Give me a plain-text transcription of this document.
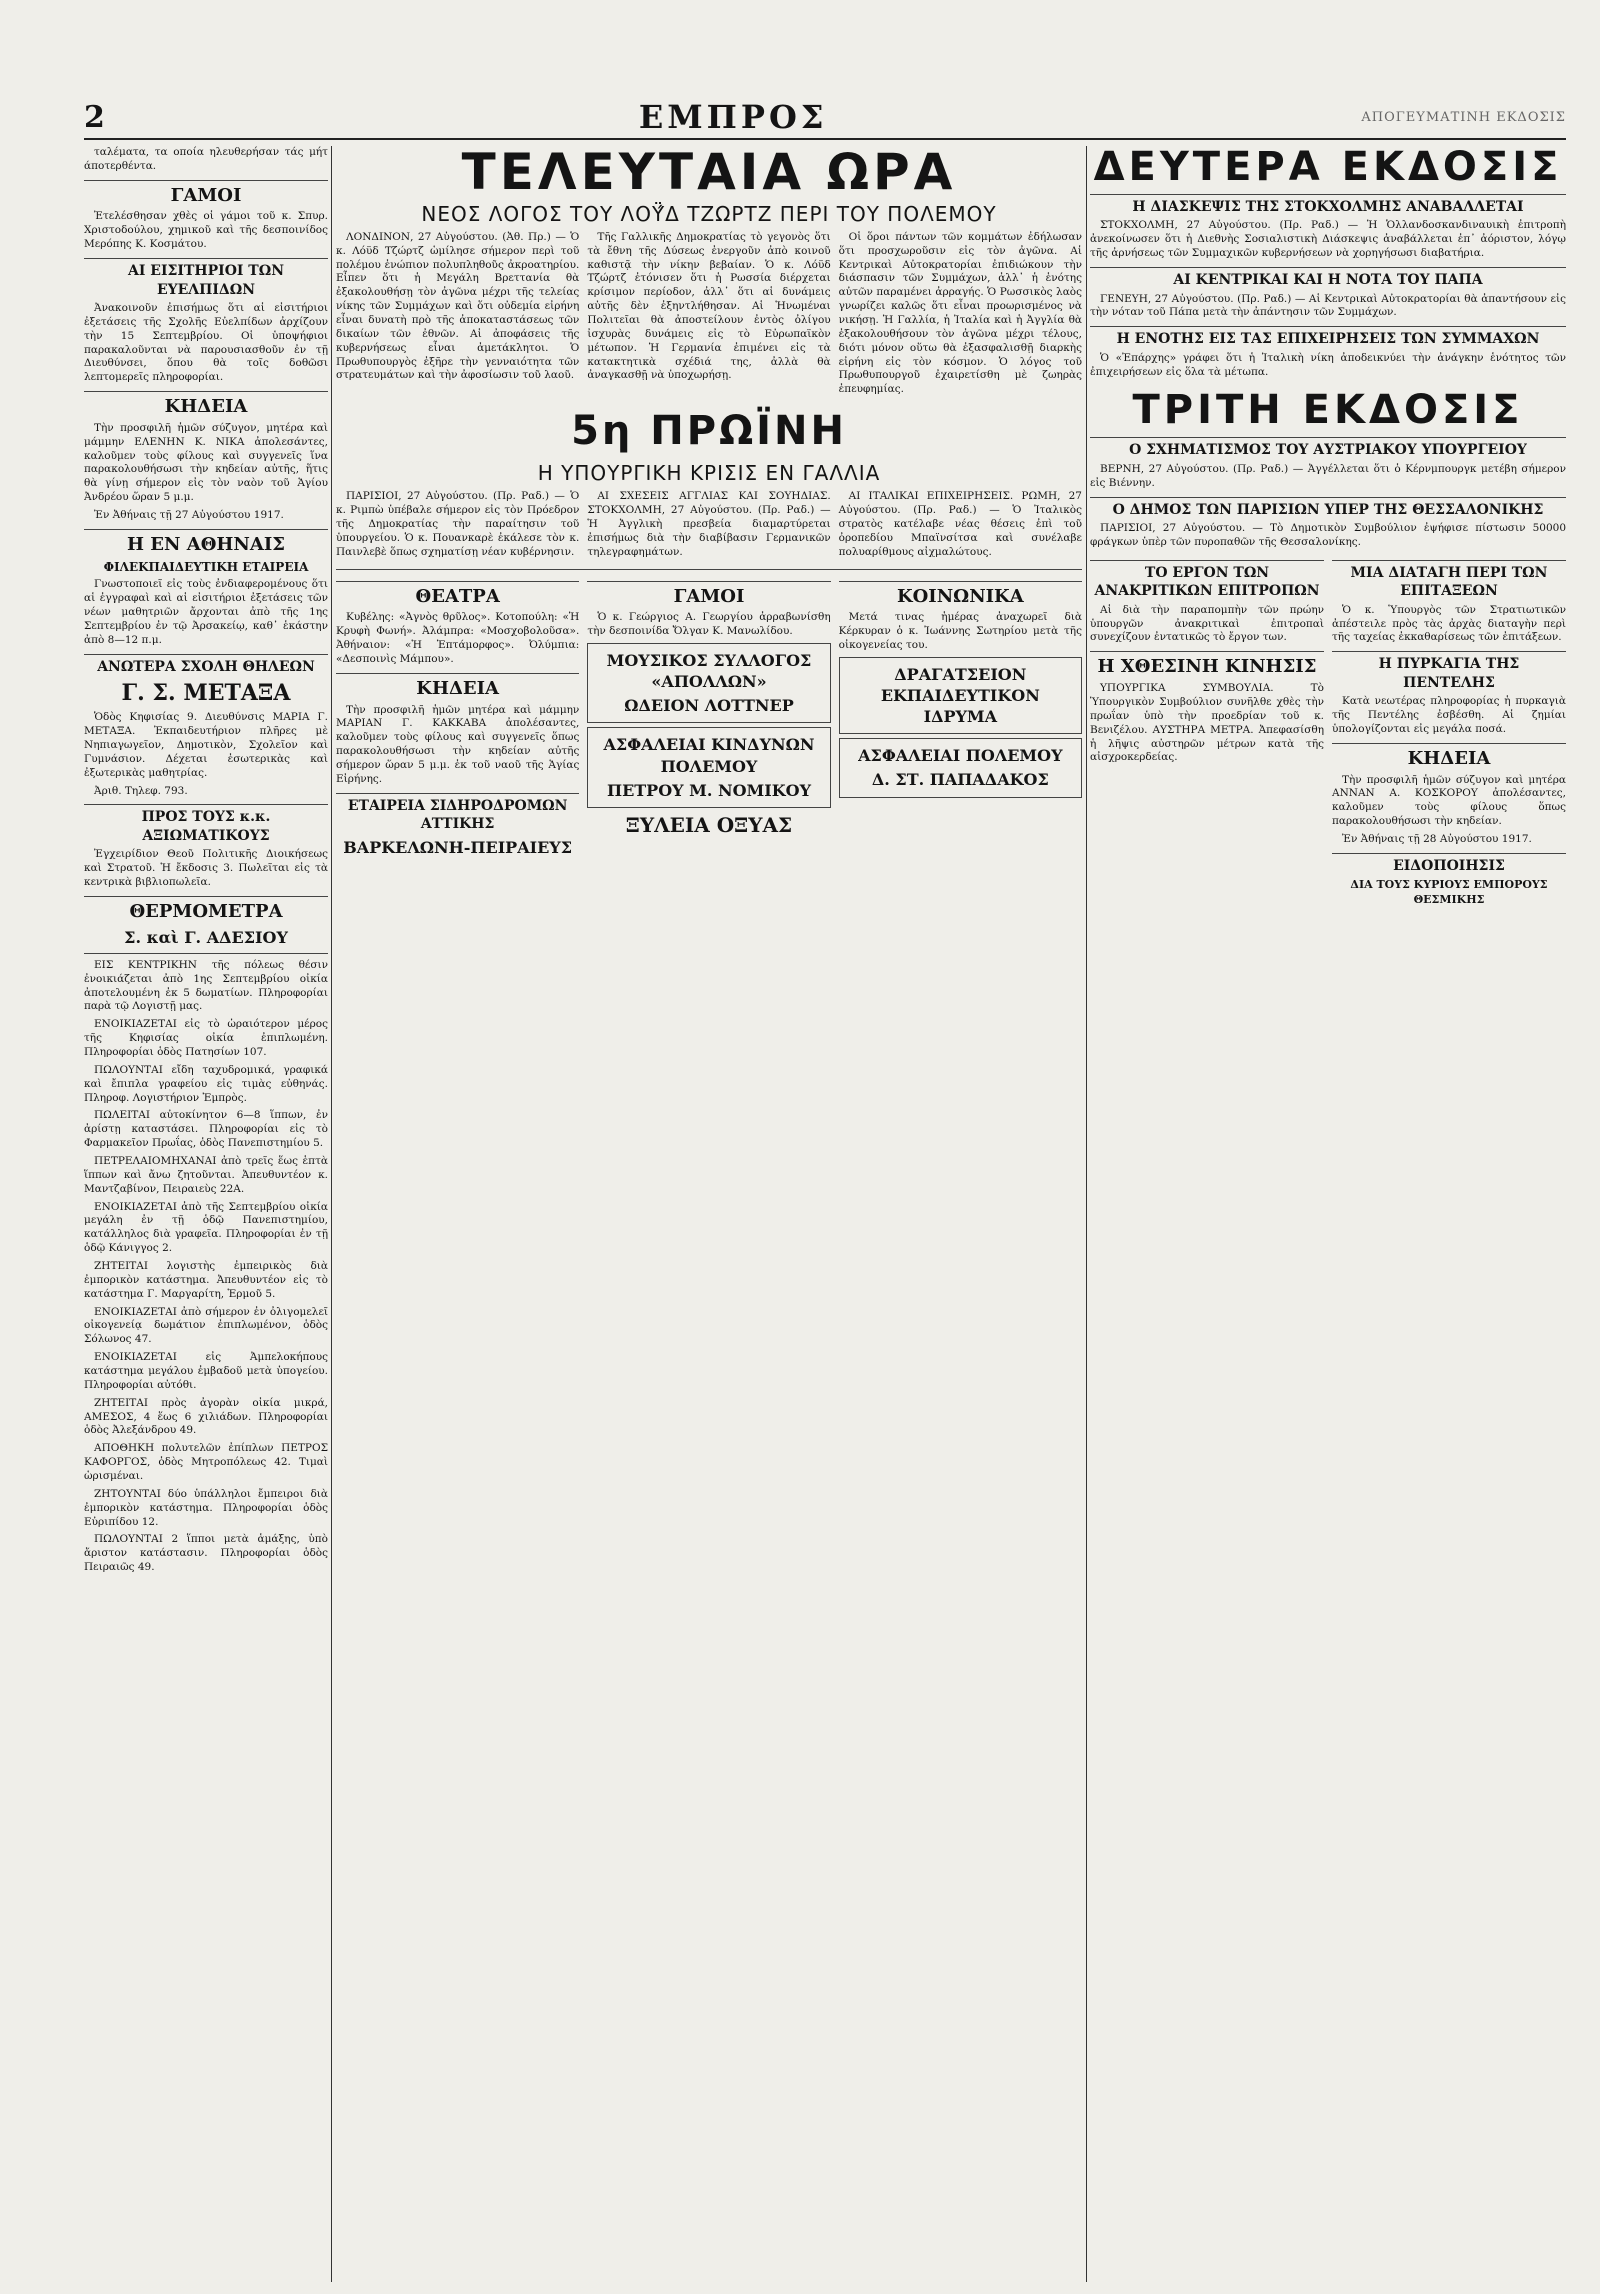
2	ΕΜΠΡΟΣ	ΑΠΟΓΕΥΜΑΤΙΝΗ ΕΚΔΟΣΙΣ

ταλέματα, τα οποία ηλευθερήσαν τάς μήτ άποτερθέντα.

ΓΑΜΟΙ

Ἐτελέσθησαν χθὲς οἱ γάμοι τοῦ κ. Σπυρ. Χριστοδούλου, χημικοῦ καὶ τῆς δεσποινίδος Μερόπης Κ. Κοσμάτου.

ΑΙ ΕΙΣΙΤΗΡΙΟΙ ΤΩΝ ΕΥΕΛΠΙΔΩΝ

Ἀνακοινοῦν ἐπισήμως ὅτι αἱ εἰσιτήριοι ἐξετάσεις τῆς Σχολῆς Εὐελπίδων ἀρχίζουν τὴν 15 Σεπτεμβρίου. Οἱ ὑποψήφιοι παρακαλοῦνται νὰ παρουσιασθοῦν ἐν τῇ Διευθύνσει, ὅπου θὰ τοῖς δοθῶσι λεπτομερεῖς πληροφορίαι.

ΚΗΔΕΙΑ

Τὴν προσφιλῆ ἡμῶν σύζυγον, μητέρα καὶ μάμμην ΕΛΕΝΗΝ Κ. ΝΙΚΑ ἀπολεσάντες, καλοῦμεν τοὺς φίλους καὶ συγγενεῖς ἵνα παρακολουθήσωσι τὴν κηδείαν αὐτῆς, ἥτις θὰ γίνῃ σήμερον εἰς τὸν ναὸν τοῦ Ἁγίου Ἀνδρέου ὥραν 5 μ.μ.

Ἐν Ἀθήναις τῇ 27 Αὐγούστου 1917.

Η ΕΝ ΑΘΗΝΑΙΣ
ΦΙΛΕΚΠΑΙΔΕΥΤΙΚΗ ΕΤΑΙΡΕΙΑ

Γνωστοποιεῖ εἰς τοὺς ἐνδιαφερομένους ὅτι αἱ ἐγγραφαὶ καὶ αἱ εἰσιτήριοι ἐξετάσεις τῶν νέων μαθητριῶν ἄρχονται ἀπὸ τῆς 1ης Σεπτεμβρίου ἐν τῷ Ἀρσακείῳ, καθ᾿ ἑκάστην ἀπὸ 8—12 π.μ.

ΑΝΩΤΕΡΑ ΣΧΟΛΗ ΘΗΛΕΩΝ
Γ. Σ. ΜΕΤΑΞΑ

Ὁδὸς Κηφισίας 9. Διευθύνσις ΜΑΡΙΑ Γ. ΜΕΤΑΞΑ. Ἐκπαιδευτήριον πλῆρες μὲ Νηπιαγωγεῖον, Δημοτικὸν, Σχολεῖον καὶ Γυμνάσιον. Δέχεται ἐσωτερικὰς καὶ ἐξωτερικὰς μαθητρίας.

Ἀριθ. Τηλεφ. 793.

ΠΡΟΣ ΤΟΥΣ κ.κ. ΑΞΙΩΜΑΤΙΚΟΥΣ

Ἐγχειρίδιον Θεοῦ Πολιτικῆς Διοικήσεως καὶ Στρατοῦ. Ἡ ἔκδοσις 3. Πωλεῖται εἰς τὰ κεντρικὰ βιβλιοπωλεῖα.

ΘΕΡΜΟΜΕΤΡΑ
Σ. καὶ Γ. ΑΔΕΣΙΟΥ

ΕΙΣ ΚΕΝΤΡΙΚΗΝ τῆς πόλεως θέσιν ἐνοικιάζεται ἀπὸ 1ης Σεπτεμβρίου οἰκία ἀποτελουμένη ἐκ 5 δωματίων. Πληροφορίαι παρὰ τῷ Λογιστῇ μας.

ΕΝΟΙΚΙΑΖΕΤΑΙ εἰς τὸ ὡραιότερον μέρος τῆς Κηφισίας οἰκία ἐπιπλωμένη. Πληροφορίαι ὁδὸς Πατησίων 107.

ΠΩΛΟΥΝΤΑΙ εἴδη ταχυδρομικά, γραφικά καὶ ἔπιπλα γραφείου εἰς τιμὰς εὐθηνάς. Πληροφ. Λογιστήριον Ἐμπρὸς.

ΠΩΛΕΙΤΑΙ αὐτοκίνητον 6—8 ἵππων, ἐν ἀρίστῃ καταστάσει. Πληροφορίαι εἰς τὸ Φαρμακεῖον Πρωΐας, ὁδὸς Πανεπιστημίου 5.

ΠΕΤΡΕΛΑΙΟΜΗΧΑΝΑΙ ἀπὸ τρεῖς ἕως ἑπτὰ ἵππων καὶ ἄνω ζητοῦνται. Ἀπευθυντέον κ. Μαντζαβίνον, Πειραιεὺς 22Α.

ΕΝΟΙΚΙΑΖΕΤΑΙ ἀπὸ τῆς Σεπτεμβρίου οἰκία μεγάλη ἐν τῇ ὁδῷ Πανεπιστημίου, κατάλληλος διὰ γραφεῖα. Πληροφορίαι ἐν τῇ ὁδῷ Κάνιγγος 2.

ΖΗΤΕΙΤΑΙ λογιστὴς ἐμπειρικὸς διὰ ἐμπορικὸν κατάστημα. Ἀπευθυντέον εἰς τὸ κατάστημα Γ. Μαργαρίτη, Ἑρμοῦ 5.

ΕΝΟΙΚΙΑΖΕΤΑΙ ἀπὸ σήμερον ἐν ὀλιγομελεῖ οἰκογενείᾳ δωμάτιον ἐπιπλωμένον, ὁδὸς Σόλωνος 47.

ΕΝΟΙΚΙΑΖΕΤΑΙ εἰς Ἀμπελοκήπους κατάστημα μεγάλου ἐμβαδοῦ μετὰ ὑπογείου. Πληροφορίαι αὐτόθι.

ΖΗΤΕΙΤΑΙ πρὸς ἀγορὰν οἰκία μικρά, ΑΜΕΣΟΣ, 4 ἕως 6 χιλιάδων. Πληροφορίαι ὁδὸς Ἀλεξάνδρου 49.

ΑΠΟΘΗΚΗ πολυτελῶν ἐπίπλων ΠΕΤΡΟΣ ΚΑΦΟΡΓΟΣ, ὁδὸς Μητροπόλεως 42. Τιμαὶ ὡρισμέναι.

ΖΗΤΟΥΝΤΑΙ δύο ὑπάλληλοι ἔμπειροι διὰ ἐμπορικὸν κατάστημα. Πληροφορίαι ὁδὸς Εὐριπίδου 12.

ΠΩΛΟΥΝΤΑΙ 2 ἵπποι μετὰ ἁμάξης, ὑπὸ ἄριστον κατάστασιν. Πληροφορίαι ὁδὸς Πειραιῶς 49.

ΤΕΛΕΥΤΑΙΑ ΩΡΑ
ΝΕΟΣ ΛΟΓΟΣ ΤΟΥ ΛΟΫ́Δ ΤΖΩΡΤΖ ΠΕΡΙ ΤΟΥ ΠΟΛΕΜΟΥ

ΛΟΝΔΙΝΟΝ, 27 Αὐγούστου. (Ἀθ. Πρ.) — Ὁ κ. Λόϋδ Τζώρτζ ὡμίλησε σήμερον περὶ τοῦ πολέμου ἐνώπιον πολυπληθοῦς ἀκροατηρίου. Εἶπεν ὅτι ἡ Μεγάλη Βρεττανία θὰ ἐξακολουθήσῃ τὸν ἀγῶνα μέχρι τῆς τελείας νίκης τῶν Συμμάχων καὶ ὅτι οὐδεμία εἰρήνη εἶναι δυνατὴ πρὸ τῆς ἀποκαταστάσεως τῶν δικαίων τῶν ἐθνῶν. Αἱ ἀποφάσεις τῆς κυβερνήσεως εἶναι ἀμετάκλητοι. Ὁ Πρωθυπουργὸς ἐξῆρε τὴν γενναιότητα τῶν στρατευμάτων καὶ τὴν ἀφοσίωσιν τοῦ λαοῦ.

Τῆς Γαλλικῆς Δημοκρατίας τὸ γεγονὸς ὅτι τὰ ἔθνη τῆς Δύσεως ἐνεργοῦν ἀπὸ κοινοῦ καθιστᾷ τὴν νίκην βεβαίαν. Ὁ κ. Λόϋδ Τζώρτζ ἐτόνισεν ὅτι ἡ Ρωσσία διέρχεται κρίσιμον περίοδον, ἀλλ᾿ ὅτι αἱ δυνάμεις αὐτῆς δὲν ἐξηντλήθησαν. Αἱ Ἡνωμέναι Πολιτεῖαι θὰ ἀποστείλουν ἐντὸς ὀλίγου ἰσχυρὰς δυνάμεις εἰς τὸ Εὐρωπαϊκὸν μέτωπον. Ἡ Γερμανία ἐπιμένει εἰς τὰ κατακτητικὰ σχέδιά της, ἀλλὰ θὰ ἀναγκασθῇ νὰ ὑποχωρήσῃ.

Οἱ ὅροι πάντων τῶν κομμάτων ἐδήλωσαν ὅτι προσχωροῦσιν εἰς τὸν ἀγῶνα. Αἱ Κεντρικαὶ Αὐτοκρατορίαι ἐπιδιώκουν τὴν διάσπασιν τῶν Συμμάχων, ἀλλ᾿ ἡ ἑνότης αὐτῶν παραμένει ἀρραγής. Ὁ Ρωσσικὸς λαὸς γνωρίζει καλῶς ὅτι εἶναι προωρισμένος νὰ νικήσῃ. Ἡ Γαλλία, ἡ Ἰταλία καὶ ἡ Ἀγγλία θὰ ἐξακολουθήσουν τὸν ἀγῶνα μέχρι τέλους, διότι μόνον οὕτω θὰ ἐξασφαλισθῇ διαρκὴς εἰρήνη εἰς τὸν κόσμον. Ὁ λόγος τοῦ Πρωθυπουργοῦ ἐχαιρετίσθη μὲ ζωηρὰς ἐπευφημίας.

5η ΠΡΩΪΝΗ
Η ΥΠΟΥΡΓΙΚΗ ΚΡΙΣΙΣ ΕΝ ΓΑΛΛΙΑ

ΠΑΡΙΣΙΟΙ, 27 Αὐγούστου. (Πρ. Ραδ.) — Ὁ κ. Ριμπὼ ὑπέβαλε σήμερον εἰς τὸν Πρόεδρον τῆς Δημοκρατίας τὴν παραίτησιν τοῦ ὑπουργείου. Ὁ κ. Πουανκαρὲ ἐκάλεσε τὸν κ. Παινλεβὲ ὅπως σχηματίσῃ νέαν κυβέρνησιν.

ΑΙ ΣΧΕΣΕΙΣ ΑΓΓΛΙΑΣ ΚΑΙ ΣΟΥΗΔΙΑΣ. ΣΤΟΚΧΟΛΜΗ, 27 Αὐγούστου. (Πρ. Ραδ.) — Ἡ Ἀγγλικὴ πρεσβεία διαμαρτύρεται ἐπισήμως διὰ τὴν διαβίβασιν Γερμανικῶν τηλεγραφημάτων.

ΑΙ ΙΤΑΛΙΚΑΙ ΕΠΙΧΕΙΡΗΣΕΙΣ. ΡΩΜΗ, 27 Αὐγούστου. (Πρ. Ραδ.) — Ὁ Ἰταλικὸς στρατὸς κατέλαβε νέας θέσεις ἐπὶ τοῦ ὀροπεδίου Μπαϊνσίτσα καὶ συνέλαβε πολυαρίθμους αἰχμαλώτους.

ΘΕΑΤΡΑ

Κυβέλης: «Ἀγνὸς θρῦλος». Κοτοπούλη: «Ἡ Κρυφὴ Φωνή». Ἀλάμπρα: «Μοσχοβολοῦσα». Ἀθήναιον: «Ἡ Ἑπτάμορφος». Ὀλύμπια: «Δεσποινὶς Μάμπου».

ΚΗΔΕΙΑ

Τὴν προσφιλῆ ἡμῶν μητέρα καὶ μάμμην ΜΑΡΙΑΝ Γ. ΚΑΚΚΑΒΑ ἀπολέσαντες, καλοῦμεν τοὺς φίλους καὶ συγγενεῖς ὅπως παρακολουθήσωσι τὴν κηδείαν αὐτῆς σήμερον ὥραν 5 μ.μ. ἐκ τοῦ ναοῦ τῆς Ἁγίας Εἰρήνης.

ΕΤΑΙΡΕΙΑ ΣΙΔΗΡΟΔΡΟΜΩΝ ΑΤΤΙΚΗΣ
ΒΑΡΚΕΛΩΝΗ-ΠΕΙΡΑΙΕΥΣ
ΓΑΜΟΙ

Ὁ κ. Γεώργιος Α. Γεωργίου ἀρραβωνίσθη τὴν δεσποινίδα Ὄλγαν Κ. Μανωλίδου.

ΜΟΥΣΙΚΟΣ ΣΥΛΛΟΓΟΣ «ΑΠΟΛΛΩΝ»
ΩΔΕΙΟΝ ΛΟΤΤΝΕΡ
ΑΣΦΑΛΕΙΑΙ ΚΙΝΔΥΝΩΝ ΠΟΛΕΜΟΥ
ΠΕΤΡΟΥ Μ. ΝΟΜΙΚΟΥ
ΞΥΛΕΙΑ ΟΞΥΑΣ
ΚΟΙΝΩΝΙΚΑ

Μετά τινας ἡμέρας ἀναχωρεῖ διὰ Κέρκυραν ὁ κ. Ἰωάννης Σωτηρίου μετὰ τῆς οἰκογενείας του.

ΔΡΑΓΑΤΣΕΙΟΝ ΕΚΠΑΙΔΕΥΤΙΚΟΝ ΙΔΡΥΜΑ
ΑΣΦΑΛΕΙΑΙ ΠΟΛΕΜΟΥ
Δ. ΣΤ. ΠΑΠΑΔΑΚΟΣ
ΔΕΥΤΕΡΑ ΕΚΔΟΣΙΣ
Η ΔΙΑΣΚΕΨΙΣ ΤΗΣ ΣΤΟΚΧΟΛΜΗΣ ΑΝΑΒΑΛΛΕΤΑΙ

ΣΤΟΚΧΟΛΜΗ, 27 Αὐγούστου. (Πρ. Ραδ.) — Ἡ Ὁλλανδοσκανδιναυικὴ ἐπιτροπὴ ἀνεκοίνωσεν ὅτι ἡ Διεθνὴς Σοσιαλιστικὴ Διάσκεψις ἀναβάλλεται ἐπ᾿ ἀόριστον, λόγῳ τῆς ἀρνήσεως τῶν Συμμαχικῶν κυβερνήσεων νὰ χορηγήσωσι διαβατήρια.

ΑΙ ΚΕΝΤΡΙΚΑΙ ΚΑΙ Η ΝΟΤΑ ΤΟΥ ΠΑΠΑ

ΓΕΝΕΥΗ, 27 Αὐγούστου. (Πρ. Ραδ.) — Αἱ Κεντρικαὶ Αὐτοκρατορίαι θὰ ἀπαντήσουν εἰς τὴν νόταν τοῦ Πάπα μετὰ τὴν ἀπάντησιν τῶν Συμμάχων.

Η ΕΝΟΤΗΣ ΕΙΣ ΤΑΣ ΕΠΙΧΕΙΡΗΣΕΙΣ ΤΩΝ ΣΥΜΜΑΧΩΝ

Ὁ «Ἐπάρχης» γράφει ὅτι ἡ Ἰταλικὴ νίκη ἀποδεικνύει τὴν ἀνάγκην ἑνότητος τῶν ἐπιχειρήσεων εἰς ὅλα τὰ μέτωπα.

ΤΡΙΤΗ ΕΚΔΟΣΙΣ
Ο ΣΧΗΜΑΤΙΣΜΟΣ ΤΟΥ ΑΥΣΤΡΙΑΚΟΥ ΥΠΟΥΡΓΕΙΟΥ

ΒΕΡΝΗ, 27 Αὐγούστου. (Πρ. Ραδ.) — Ἀγγέλλεται ὅτι ὁ Κέρνμπουργκ μετέβη σήμερον εἰς Βιέννην.

Ο ΔΗΜΟΣ ΤΩΝ ΠΑΡΙΣΙΩΝ ΥΠΕΡ ΤΗΣ ΘΕΣΣΑΛΟΝΙΚΗΣ

ΠΑΡΙΣΙΟΙ, 27 Αὐγούστου. — Τὸ Δημοτικὸν Συμβούλιον ἐψήφισε πίστωσιν 50000 φράγκων ὑπὲρ τῶν πυροπαθῶν τῆς Θεσσαλονίκης.

ΤΟ ΕΡΓΟΝ ΤΩΝ ΑΝΑΚΡΙΤΙΚΩΝ ΕΠΙΤΡΟΠΩΝ

Αἱ διὰ τὴν παραπομπὴν τῶν πρώην ὑπουργῶν ἀνακριτικαὶ ἐπιτροπαὶ συνεχίζουν ἐντατικῶς τὸ ἔργον των.

Η ΧΘΕΣΙΝΗ ΚΙΝΗΣΙΣ

ΥΠΟΥΡΓΙΚΑ ΣΥΜΒΟΥΛΙΑ. Τὸ Ὑπουργικὸν Συμβούλιον συνῆλθε χθὲς τὴν πρωΐαν ὑπὸ τὴν προεδρίαν τοῦ κ. Βενιζέλου. ΑΥΣΤΗΡΑ ΜΕΤΡΑ. Ἀπεφασίσθη ἡ λῆψις αὐστηρῶν μέτρων κατὰ τῆς αἰσχροκερδείας.

ΜΙΑ ΔΙΑΤΑΓΗ ΠΕΡΙ ΤΩΝ ΕΠΙΤΑΞΕΩΝ

Ὁ κ. Ὑπουργὸς τῶν Στρατιωτικῶν ἀπέστειλε πρὸς τὰς ἀρχὰς διαταγὴν περὶ τῆς ταχείας ἐκκαθαρίσεως τῶν ἐπιτάξεων.

Η ΠΥΡΚΑΓΙΑ ΤΗΣ ΠΕΝΤΕΛΗΣ

Κατὰ νεωτέρας πληροφορίας ἡ πυρκαγιὰ τῆς Πεντέλης ἐσβέσθη. Αἱ ζημίαι ὑπολογίζονται εἰς μεγάλα ποσά.

ΚΗΔΕΙΑ

Τὴν προσφιλῆ ἡμῶν σύζυγον καὶ μητέρα ΑΝΝΑΝ Α. ΚΟΣΚΟΡΟΥ ἀπολέσαντες, καλοῦμεν τοὺς φίλους ὅπως παρακολουθήσωσι τὴν κηδείαν.

Ἐν Ἀθήναις τῇ 28 Αὐγούστου 1917.

ΕΙΔΟΠΟΙΗΣΙΣ
ΔΙΑ ΤΟΥΣ ΚΥΡΙΟΥΣ ΕΜΠΟΡΟΥΣ ΘΕΣΜΙΚΗΣ
